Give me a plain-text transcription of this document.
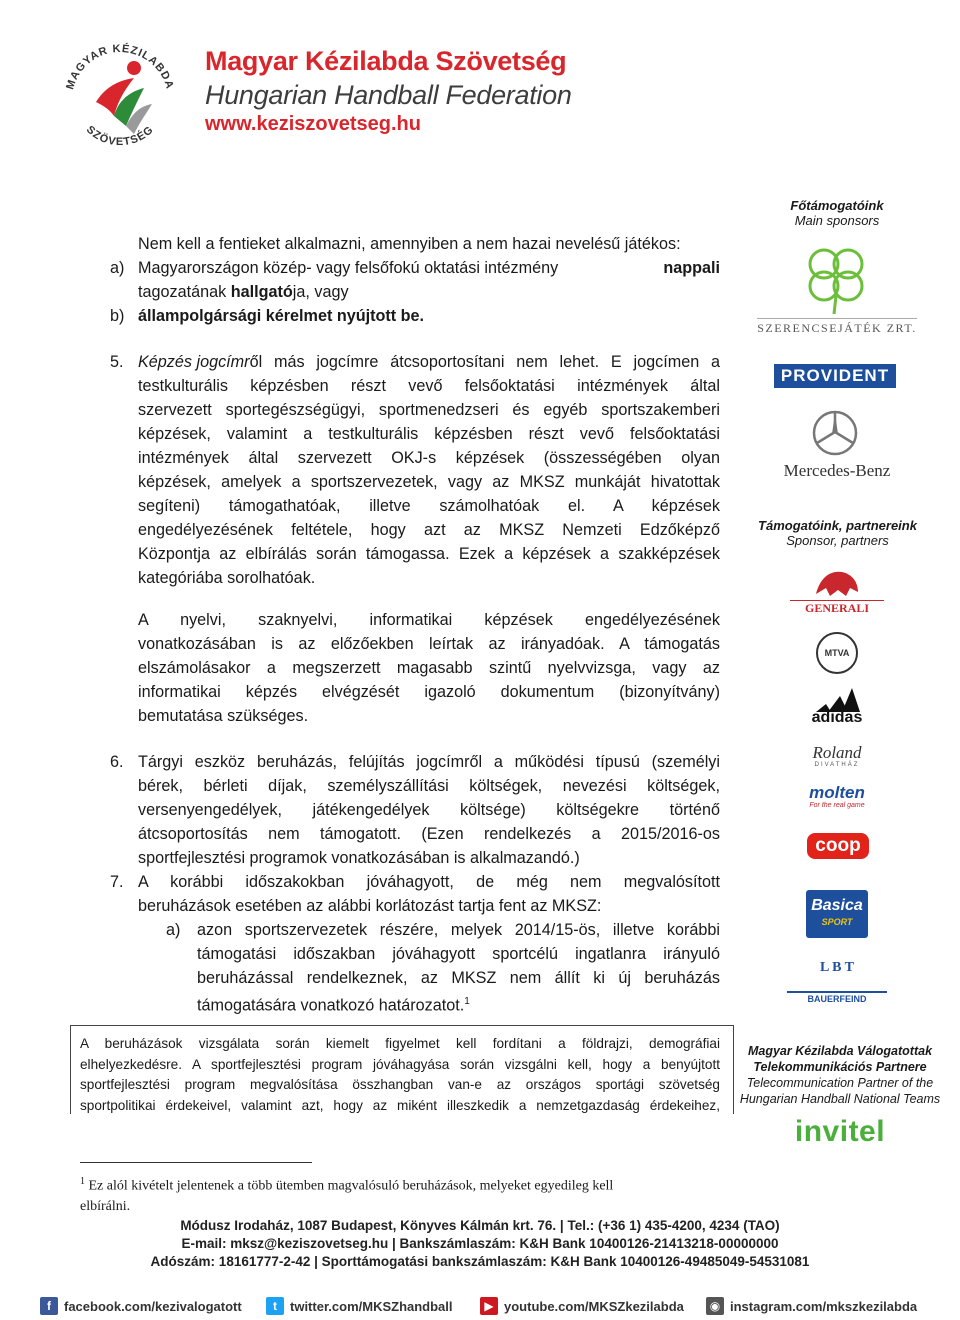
MAGYAR KÉZILABDA
SZÖVETSÉG
Magyar Kézilabda Szövetség
Hungarian Handball Federation
www.keziszovetseg.hu
Nem kell a fentieket alkalmazni, amennyiben a nem hazai nevelésű játékos:
a) Magyarországon közép- vagy felsőfokú oktatási intézmény	nappali
tagozatának hallgatója, vagy
b) állampolgársági kérelmet nyújtott be.
5. Képzés jogcímr ől más jogcímre átcsoportosítani nem lehet. E jogcímen a
testkulturális képzésben részt vevő felsőoktatási intézmények által
szervezett sportegészségügyi, sportmenedzseri és egyéb sportszakemberi
képzések, valamint a testkulturális képzésben részt vevő felsőoktatási
intézmények által szervezett OKJ-s képzések (összességében olyan
képzések, amelyek a sportszervezetek, vagy az MKSZ munkáját hivatottak
segíteni) támogathatóak, illetve számolhatóak el. A képzések
engedélyezésének feltétele, hogy azt az MKSZ Nemzeti Edzőképző
Központja az elbírálás során támogassa. Ezek a képzések a szakképzések
kategóriába sorolhatóak.
A nyelvi, szaknyelvi, informatikai képzések engedélyezésének
vonatkozásában is az előzőekben leírtak az irányadóak. A támogatás
elszámolásakor a megszerzett magasabb szintű nyelvvizsga, vagy az
informatikai képzés elvégzését igazoló dokumentum (bizonyítvány)
bemutatása szükséges.
6. Tárgyi eszköz beruházás, felújítás jogcímről a működési típusú (személyi
bérek, bérleti díjak, személyszállítási költségek, nevezési költségek,
versenyengedélyek, játékengedélyek költsége) költségekre történő
átcsoportosítás nem támogatott. (Ezen rendelkezés a 2015/2016-os
sportfejlesztési programok vonatkozásában is alkalmazandó.)
7. A korábbi időszakokban jóváhagyott, de még nem megvalósított
beruházások esetében az alábbi korlátozást tartja fent az MKSZ:
a) azon sportszervezetek részére, melyek 2014/15-ös, illetve korábbi
támogatási időszakban jóváhagyott sportcélú ingatlanra irányuló
beruházással rendelkeznek, az MKSZ nem állít ki új beruházás
támogatására vonatkozó határozatot.$^1$
A beruházások vizsgálata során kiemelt figyelmet kell fordítani a földrajzi, demográfiai
elhelyezkedésre. A sportfejlesztési program jóváhagyása során vizsgálni kell, hogy a benyújtott
sportfejlesztési program megvalósítása összhangban van-e az országos sportági szövetség
sportpolitikai érdekeivel, valamint azt, hogy az miként illeszkedik a nemzetgazdaság érdekeihez,
$^1$ Ez alól kivételt jelentenek a több ütemben magvalósuló beruházások, melyeket egyedileg kell
elbírálni.
Főtámogatóink
Main sponsors
SZERENCSEJÁTÉK ZRT.
PROVIDENT
Mercedes-Benz
Támogatóink, partnereink
Sponsor, partners
GENERALI
MTVA
adidas
Roland
DIVATHÁZ
molten
For the real game
coop
Basica
SPORT
L B T
BAUERFEIND
Magyar Kézilabda Válogatottak
Telekommunikációs Partnere
Telecommunication Partner of the
Hungarian Handball National Teams
invitel
Módusz Irodaház, 1087 Budapest, Könyves Kálmán krt. 76. | Tel.: (+36 1) 435-4200, 4234 (TAO)
E-mail: mksz@keziszovetseg.hu | Bankszámlaszám: K&H Bank 10400126-21413218-00000000
Adószám: 18161777-2-42 | Sporttámogatási bankszámlaszám: K&H Bank 10400126-49485049-54531081
f	facebook.com/kezivalogatott	t	twitter.com/MKSZhandball	▶ youtube.com/MKSZkezilabda	◉ instagram.com/mkszkezilabda
